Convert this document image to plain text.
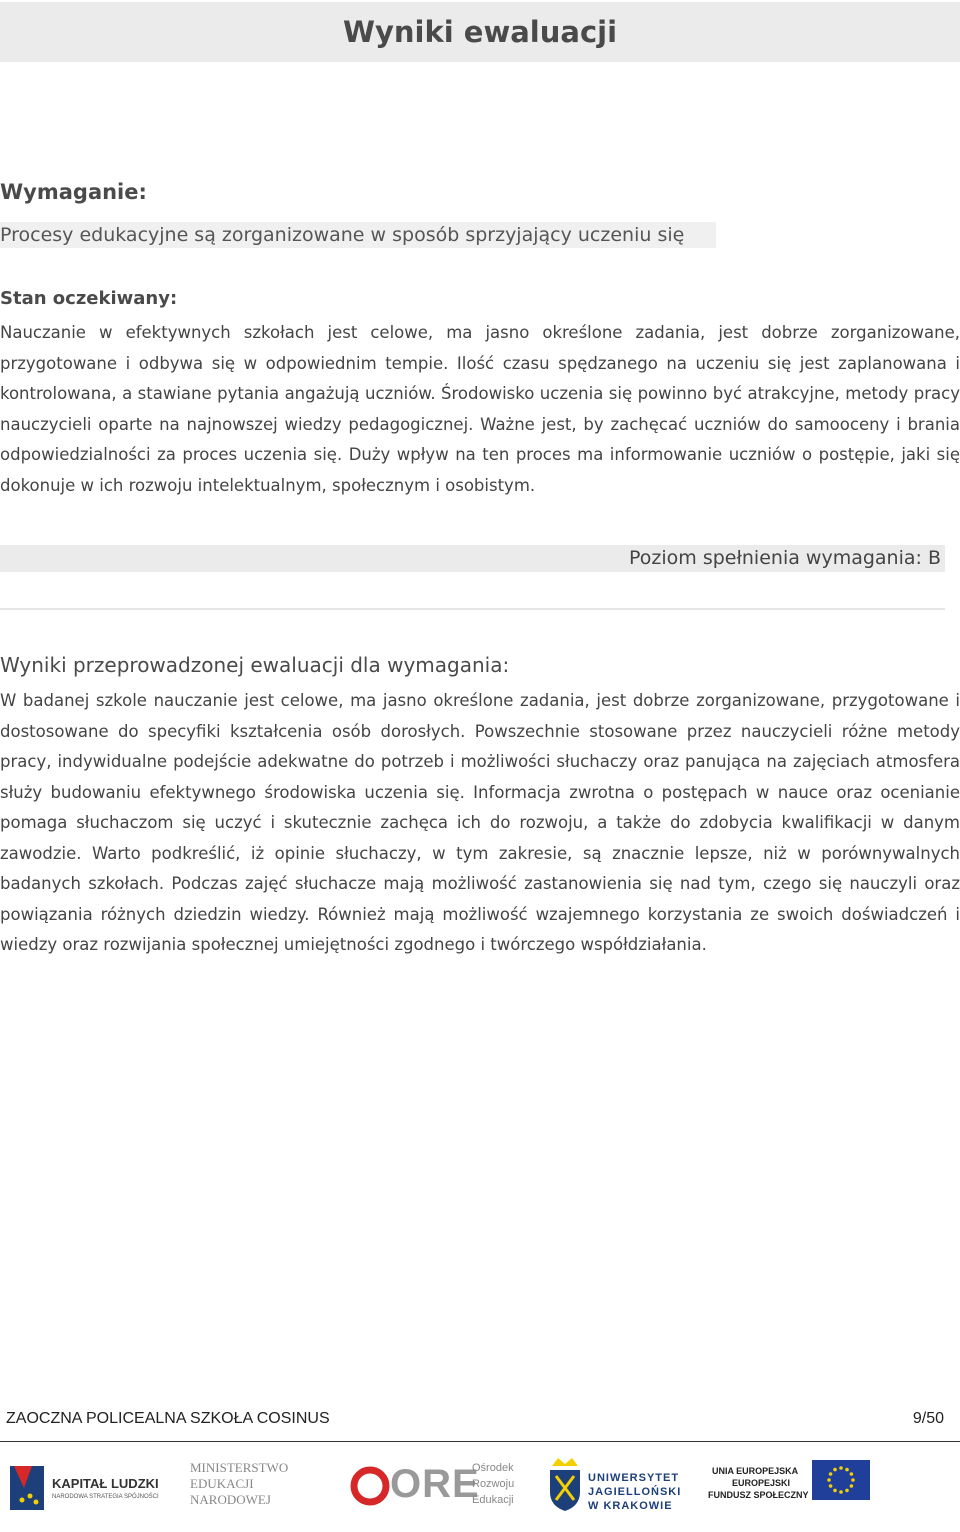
Wyniki ewaluacji
Wymaganie:
Procesy edukacyjne są zorganizowane w sposób sprzyjający uczeniu się
Stan oczekiwany:

Nauczanie w efektywnych szkołach jest celowe, ma jasno określone zadania, jest dobrze zorganizowane, przygotowane i odbywa się w odpowiednim tempie. Ilość czasu spędzanego na uczeniu się jest zaplanowana i kontrolowana, a stawiane pytania angażują uczniów. Środowisko uczenia się powinno być atrakcyjne, metody pracy nauczycieli oparte na najnowszej wiedzy pedagogicznej. Ważne jest, by zachęcać uczniów do samooceny i brania odpowiedzialności za proces uczenia się. Duży wpływ na ten proces ma informowanie uczniów o postępie, jaki się dokonuje w ich rozwoju intelektualnym, społecznym i osobistym.

Poziom spełnienia wymagania: B
Wyniki przeprowadzonej ewaluacji dla wymagania:

W badanej szkole nauczanie jest celowe, ma jasno określone zadania, jest dobrze zorganizowane, przygotowane i dostosowane do specyfiki kształcenia osób dorosłych. Powszechnie stosowane przez nauczycieli różne metody pracy, indywidualne podejście adekwatne do potrzeb i możliwości słuchaczy oraz panująca na zajęciach atmosfera służy budowaniu efektywnego środowiska uczenia się. Informacja zwrotna o postępach w nauce oraz ocenianie pomaga słuchaczom się uczyć i skutecznie zachęca ich do rozwoju, a także do zdobycia kwalifikacji w danym zawodzie. Warto podkreślić, iż opinie słuchaczy, w tym zakresie, są znacznie lepsze, niż w porównywalnych badanych szkołach. Podczas zajęć słuchacze mają możliwość zastanowienia się nad tym, czego się nauczyli oraz powiązania różnych dziedzin wiedzy. Również mają możliwość wzajemnego korzystania ze swoich doświadczeń i wiedzy oraz rozwijania społecznej umiejętności zgodnego i twórczego współdziałania.

ZAOCZNA POLICEALNA SZKOŁA COSINUS	9/50
KAPITAŁ LUDZKI
NARODOWA STRATEGIA SPÓJNOŚCI
MINISTERSTWO
EDUKACJI
NARODOWEJ	ORE
Ośrodek
Rozwoju
Edukacji
UNIWERSYTET
JAGIELLOŃSKI
W KRAKOWIE
UNIA EUROPEJSKA
EUROPEJSKI
FUNDUSZ SPOŁECZNY
